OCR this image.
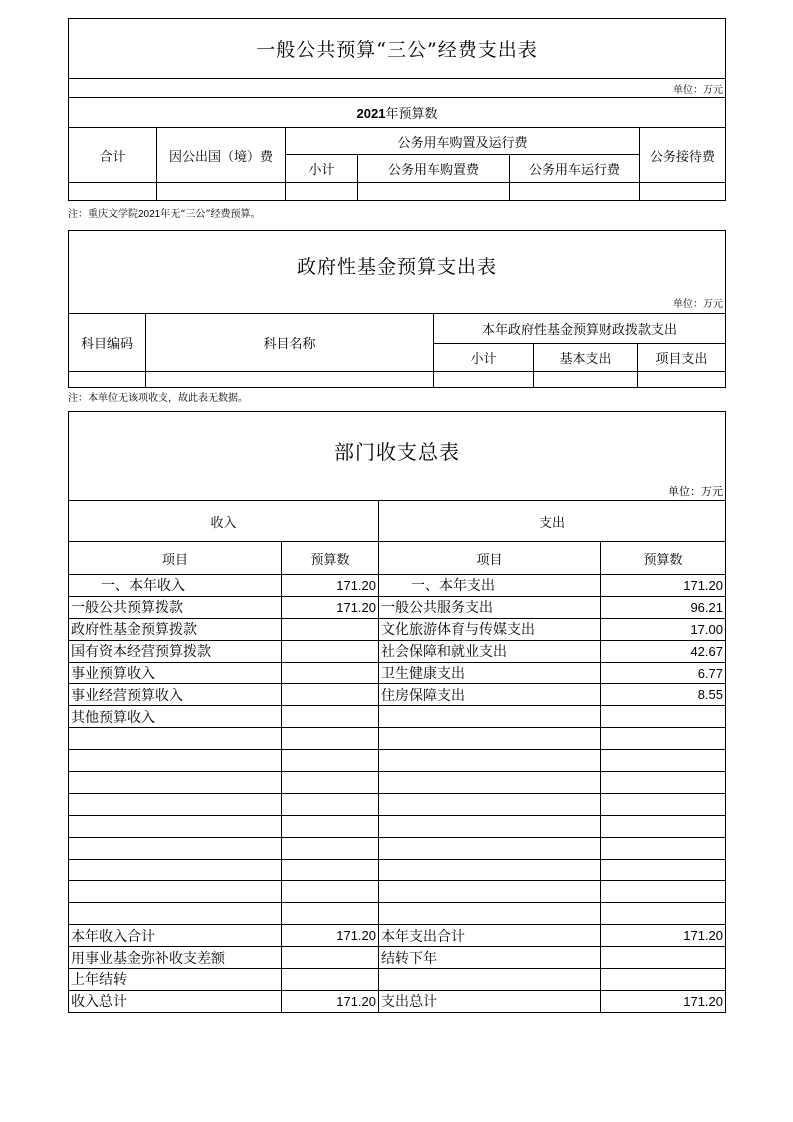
一般公共预算“三公”经费支出表					
单位：万元					
2021年预算数					
合计	因公出国（境）费	公务用车购置及运行费			公务接待费
		小计	公务用车购置费	公务用车运行费	

注：重庆文学院2021年无“三公”经费预算。
政府性基金预算支出表				
单位：万元				
科目编码	科目名称	本年政府性基金预算财政拨款支出		
		小计	基本支出	项目支出

注：本单位无该项收支，故此表无数据。
部门收支总表			
单位：万元			
收入		支出	
项目	预算数	项目	预算数
一、本年收入	171.20	一、本年支出	171.20
一般公共预算拨款	171.20	一般公共服务支出	96.21
政府性基金预算拨款		文化旅游体育与传媒支出	17.00
国有资本经营预算拨款		社会保障和就业支出	42.67
事业预算收入		卫生健康支出	6.77
事业经营预算收入		住房保障支出	8.55
其他预算收入			

本年收入合计	171.20	本年支出合计	171.20
用事业基金弥补收支差额		结转下年	
上年结转			
收入总计	171.20	支出总计	171.20
